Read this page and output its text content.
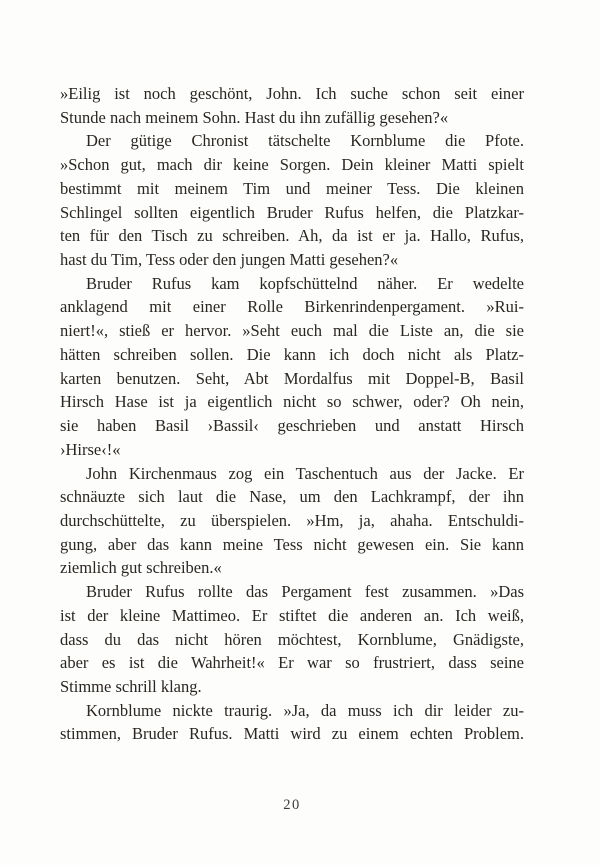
»Eilig ist noch geschönt, John. Ich suche schon seit einer
Stunde nach meinem Sohn. Hast du ihn zufällig gesehen?«
Der gütige Chronist tätschelte Kornblume die Pfote.
»Schon gut, mach dir keine Sorgen. Dein kleiner Matti spielt
bestimmt mit meinem Tim und meiner Tess. Die kleinen
Schlingel sollten eigentlich Bruder Rufus helfen, die Platzkar-
ten für den Tisch zu schreiben. Ah, da ist er ja. Hallo, Rufus,
hast du Tim, Tess oder den jungen Matti gesehen?«
Bruder Rufus kam kopfschüttelnd näher. Er wedelte
anklagend mit einer Rolle Birkenrindenpergament. »Rui-
niert!«, stieß er hervor. »Seht euch mal die Liste an, die sie
hätten schreiben sollen. Die kann ich doch nicht als Platz-
karten benutzen. Seht, Abt Mordalfus mit Doppel-B, Basil
Hirsch Hase ist ja eigentlich nicht so schwer, oder? Oh nein,
sie haben Basil ›Bassil‹ geschrieben und anstatt Hirsch
›Hirse‹!«
John Kirchenmaus zog ein Taschentuch aus der Jacke. Er
schnäuzte sich laut die Nase, um den Lachkrampf, der ihn
durchschüttelte, zu überspielen. »Hm, ja, ahaha. Entschuldi-
gung, aber das kann meine Tess nicht gewesen ein. Sie kann
ziemlich gut schreiben.«
Bruder Rufus rollte das Pergament fest zusammen. »Das
ist der kleine Mattimeo. Er stiftet die anderen an. Ich weiß,
dass du das nicht hören möchtest, Kornblume, Gnädigste,
aber es ist die Wahrheit!« Er war so frustriert, dass seine
Stimme schrill klang.
Kornblume nickte traurig. »Ja, da muss ich dir leider zu-
stimmen, Bruder Rufus. Matti wird zu einem echten Problem.
20
